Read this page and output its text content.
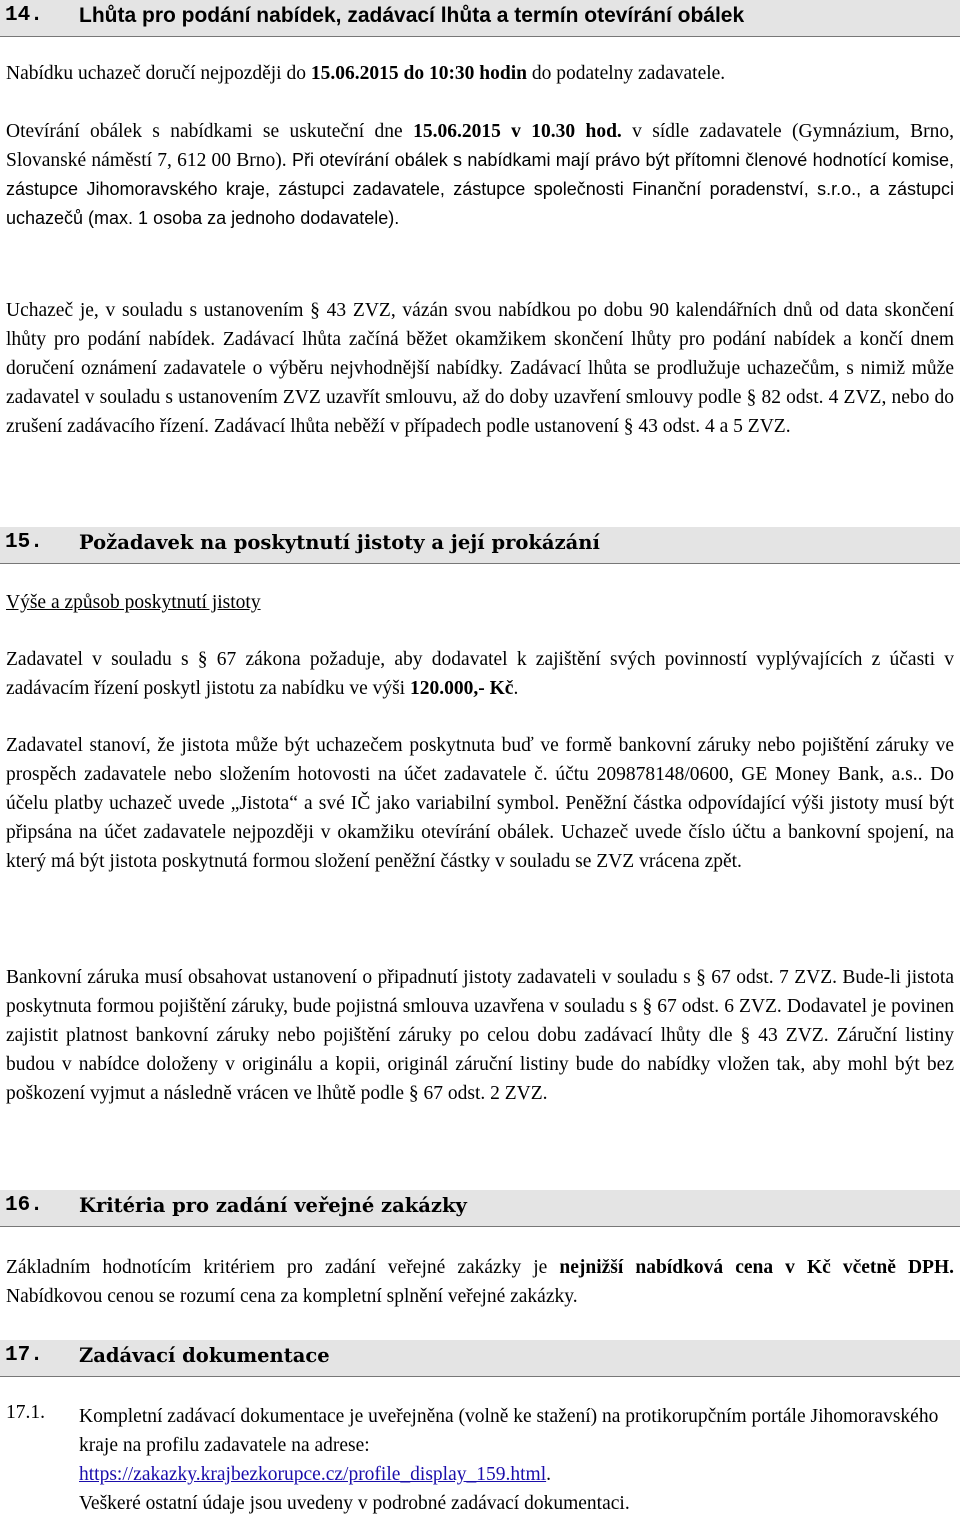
14. Lhůta pro podání nabídek, zadávací lhůta a termín otevírání obálek
Nabídku uchazeč doručí nejpozději do 15.06.2015 do 10:30 hodin do podatelny zadavatele.
Otevírání obálek s nabídkami se uskuteční dne 15.06.2015 v 10.30 hod. v sídle zadavatele (Gymnázium, Brno, Slovanské náměstí 7, 612 00 Brno). Při otevírání obálek s nabídkami mají právo být přítomni členové hodnotící komise, zástupce Jihomoravského kraje, zástupci zadavatele, zástupce společnosti Finanční poradenství, s.r.o., a zástupci uchazečů (max. 1 osoba za jednoho dodavatele).
Uchazeč je, v souladu s ustanovením § 43 ZVZ, vázán svou nabídkou po dobu 90 kalendářních dnů od data skončení lhůty pro podání nabídek. Zadávací lhůta začíná běžet okamžikem skončení lhůty pro podání nabídek a končí dnem doručení oznámení zadavatele o výběru nejvhodnější nabídky. Zadávací lhůta se prodlužuje uchazečům, s nimiž může zadavatel v souladu s ustanovením ZVZ uzavřít smlouvu, až do doby uzavření smlouvy podle § 82 odst. 4 ZVZ, nebo do zrušení zadávacího řízení. Zadávací lhůta neběží v případech podle ustanovení § 43 odst. 4 a 5 ZVZ.
15. Požadavek na poskytnutí jistoty a její prokázání
Výše a způsob poskytnutí jistoty
Zadavatel v souladu s § 67 zákona požaduje, aby dodavatel k zajištění svých povinností vyplývajících z účasti v zadávacím řízení poskytl jistotu za nabídku ve výši 120.000,- Kč.
Zadavatel stanoví, že jistota může být uchazečem poskytnuta buď ve formě bankovní záruky nebo pojištění záruky ve prospěch zadavatele nebo složením hotovosti na účet zadavatele č. účtu 209878148/0600, GE Money Bank, a.s.. Do účelu platby uchazeč uvede „Jistota“ a své IČ jako variabilní symbol. Peněžní částka odpovídající výši jistoty musí být připsána na účet zadavatele nejpozději v okamžiku otevírání obálek. Uchazeč uvede číslo účtu a bankovní spojení, na který má být jistota poskytnutá formou složení peněžní částky v souladu se ZVZ vrácena zpět.
Bankovní záruka musí obsahovat ustanovení o připadnutí jistoty zadavateli v souladu s § 67 odst. 7 ZVZ. Bude-li jistota poskytnuta formou pojištění záruky, bude pojistná smlouva uzavřena v souladu s § 67 odst. 6 ZVZ. Dodavatel je povinen zajistit platnost bankovní záruky nebo pojištění záruky po celou dobu zadávací lhůty dle § 43 ZVZ. Záruční listiny budou v nabídce doloženy v originálu a kopii, originál záruční listiny bude do nabídky vložen tak, aby mohl být bez poškození vyjmut a následně vrácen ve lhůtě podle § 67 odst. 2 ZVZ.
16. Kritéria pro zadání veřejné zakázky
Základním hodnotícím kritériem pro zadání veřejné zakázky je nejnižší nabídková cena v Kč včetně DPH. Nabídkovou cenou se rozumí cena za kompletní splnění veřejné zakázky.
17. Zadávací dokumentace
17.1. Kompletní zadávací dokumentace je uveřejněna (volně ke stažení) na protikorupčním portále Jihomoravského kraje na profilu zadavatele na adrese:
https://zakazky.krajbezkorupce.cz/profile_display_159.html.
Veškeré ostatní údaje jsou uvedeny v podrobné zadávací dokumentaci.
